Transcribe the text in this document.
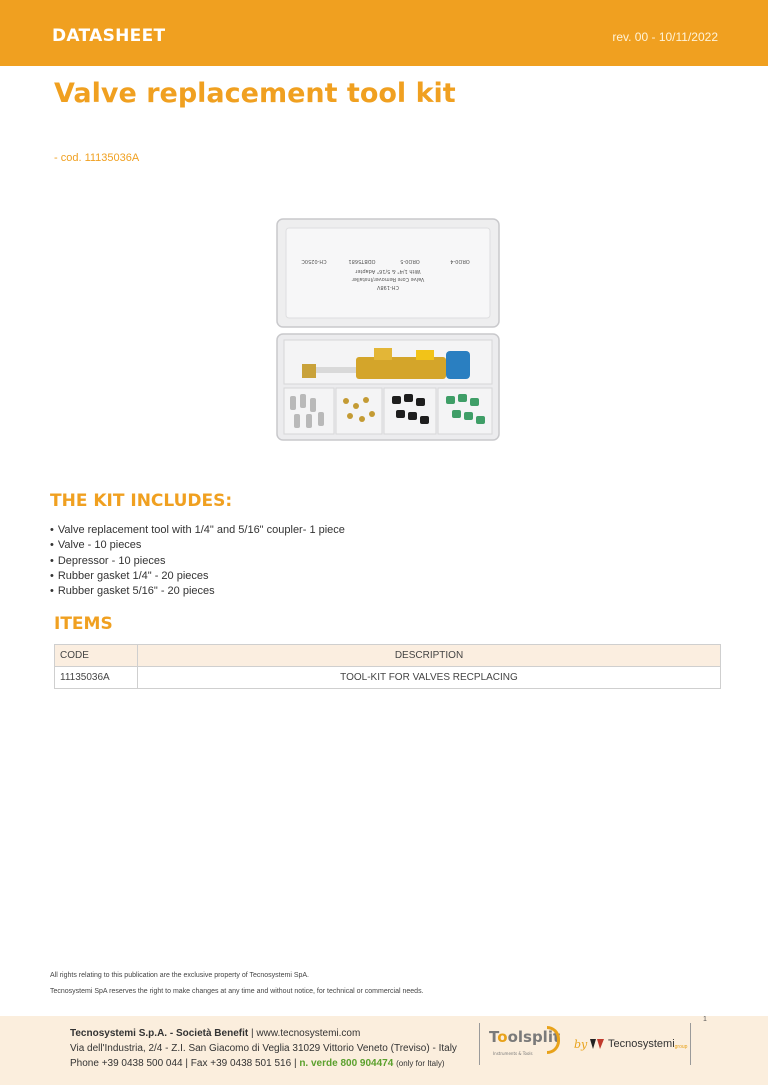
DATASHEET	rev. 00 - 10/11/2022
Valve replacement tool kit
- cod. 11135036A
CH-198V
Valve Core Remover/Installer
With 1/4" & 5/16" Adapter
CH-0250C	ODBT5681	ORO0-5	ORO0-4
THE KIT INCLUDES:
• Valve replacement tool with 1/4" and 5/16" coupler- 1 piece
• Valve - 10 pieces
• Depressor - 10 pieces
• Rubber gasket 1/4" - 20 pieces
• Rubber gasket 5/16" - 20 pieces
ITEMS
CODE	DESCRIPTION
11135036A	TOOL-KIT FOR VALVES RECPLACING
All rights relating to this publication are the exclusive property of Tecnosystemi SpA.
Tecnosystemi SpA reserves the right to make changes at any time and without notice, for technical or commercial needs.
1
Tecnosystemi S.p.A. - Società Benefit | www.tecnosystemi.com
Via dell'Industria, 2/4 - Z.I. San Giacomo di Veglia 31029 Vittorio Veneto (Treviso) - Italy
Phone +39 0438 500 044 | Fax +39 0438 501 516 | n. verde 800 904474 (only for Italy)
Toolsplit
Instruments & Tools
by	Tecnosystemigroup
